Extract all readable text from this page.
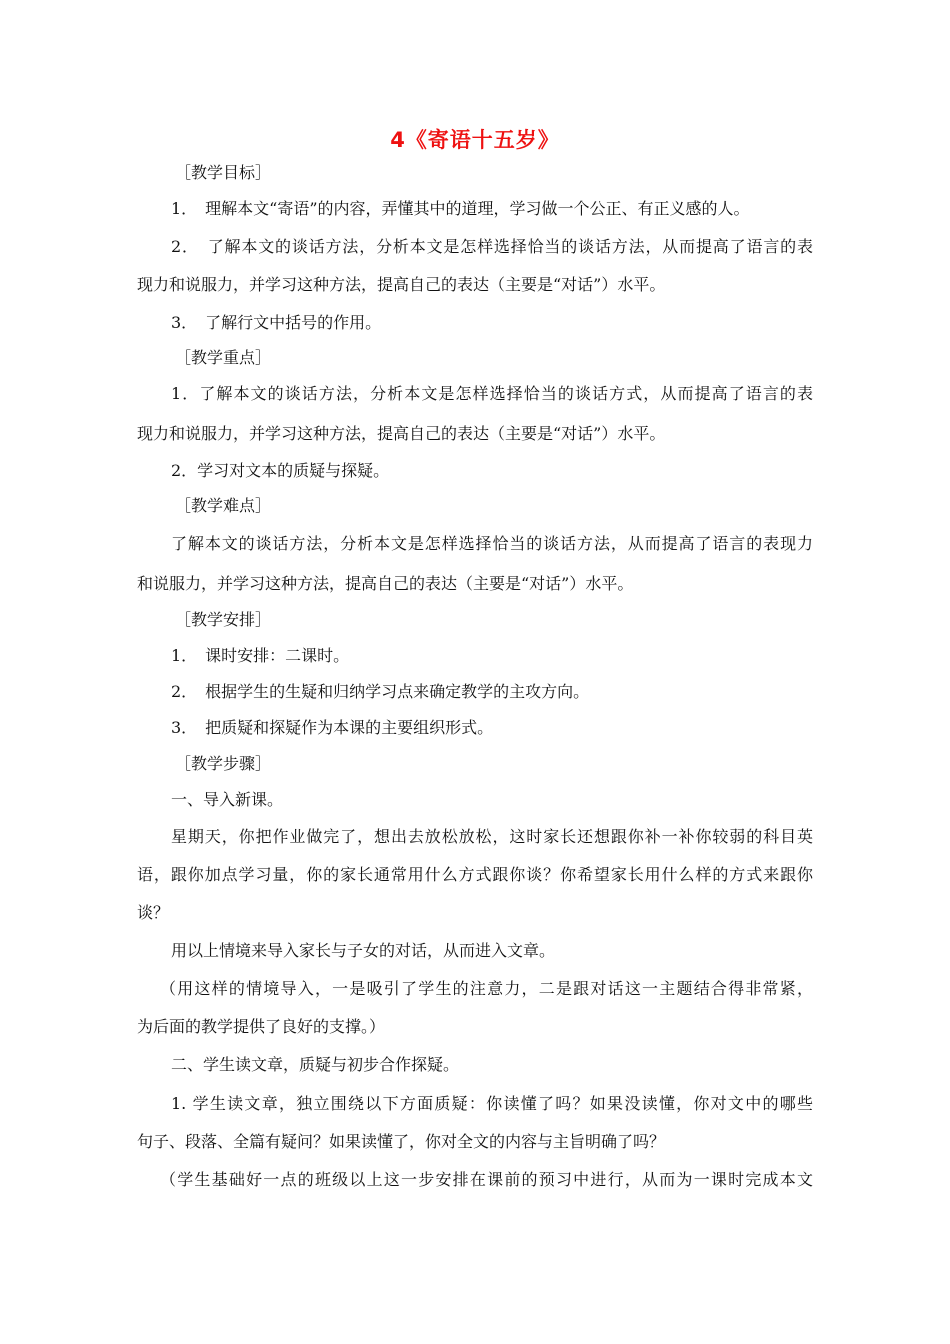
4《寄语十五岁》
［教学目标］
1．　理解本文“寄语”的内容，弄懂其中的道理，学习做一个公正、有正义感的人。
2．　了解本文的谈话方法，分析本文是怎样选择恰当的谈话方法，从而提高了语言的表
现力和说服力，并学习这种方法，提高自己的表达（主要是“对话”）水平。
3．　了解行文中括号的作用。
［教学重点］
1．了解本文的谈话方法，分析本文是怎样选择恰当的谈话方式，从而提高了语言的表
现力和说服力，并学习这种方法，提高自己的表达（主要是“对话”）水平。
2．学习对文本的质疑与探疑。
［教学难点］
了解本文的谈话方法，分析本文是怎样选择恰当的谈话方法，从而提高了语言的表现力
和说服力，并学习这种方法，提高自己的表达（主要是“对话”）水平。
［教学安排］
1．　课时安排：二课时。
2．　根据学生的生疑和归纳学习点来确定教学的主攻方向。
3．　把质疑和探疑作为本课的主要组织形式。
［教学步骤］
一、导入新课。
星期天，你把作业做完了，想出去放松放松，这时家长还想跟你补一补你较弱的科目英
语，跟你加点学习量，你的家长通常用什么方式跟你谈？你希望家长用什么样的方式来跟你
谈？
用以上情境来导入家长与子女的对话，从而进入文章。
（用这样的情境导入，一是吸引了学生的注意力，二是跟对话这一主题结合得非常紧，
为后面的教学提供了良好的支撑。）
二、学生读文章，质疑与初步合作探疑。
1. 学生读文章，独立围绕以下方面质疑：你读懂了吗？如果没读懂，你对文中的哪些
句子、段落、全篇有疑问？如果读懂了，你对全文的内容与主旨明确了吗？
（学生基础好一点的班级以上这一步安排在课前的预习中进行，从而为一课时完成本文
